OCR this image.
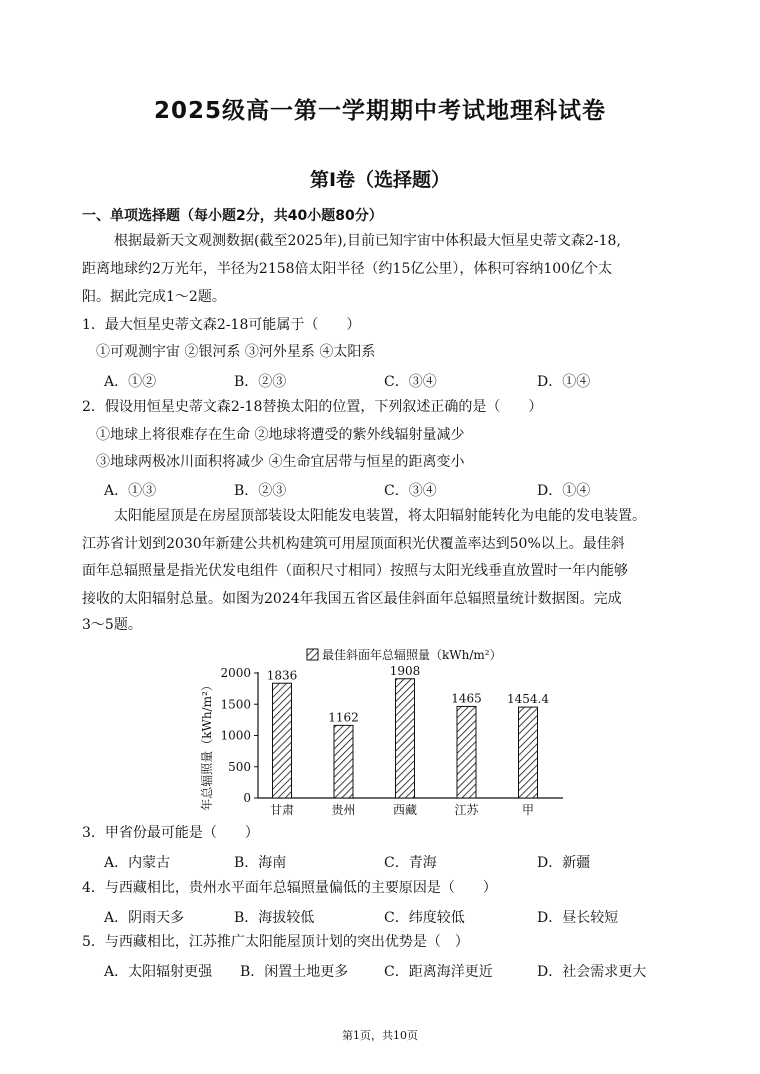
2025级高一第一学期期中考试地理科试卷
第Ⅰ卷（选择题）
一、单项选择题（每小题2分，共40小题80分）
根据最新天文观测数据(截至2025年),目前已知宇宙中体积最大恒星史蒂文森2-18,
距离地球约2万光年，半径为2158倍太阳半径（约15亿公里），体积可容纳100亿个太
阳。据此完成1～2题。
1．最大恒星史蒂文森2-18可能属于（　　）
①可观测宇宙 ②银河系 ③河外星系 ④太阳系
A．①②	B．②③	C．③④	D．①④
2．假设用恒星史蒂文森2-18替换太阳的位置，下列叙述正确的是（　　）
①地球上将很难存在生命 ②地球将遭受的紫外线辐射量减少
③地球两极冰川面积将减少 ④生命宜居带与恒星的距离变小
A．①③	B．②③	C．③④	D．①④
太阳能屋顶是在房屋顶部装设太阳能发电装置，将太阳辐射能转化为电能的发电装置。
江苏省计划到2030年新建公共机构建筑可用屋顶面积光伏覆盖率达到50%以上。最佳斜
面年总辐照量是指光伏发电组件（面积尺寸相同）按照与太阳光线垂直放置时一年内能够
接收的太阳辐射总量。如图为2024年我国五省区最佳斜面年总辐照量统计数据图。完成
3～5题。
最佳斜面年总辐照量（kWh/m²）
年总辐照量（kWh/m²） 0
500
1000
1500
2000 1836
1162
1908
1465 1454.4
甘肃	贵州	西藏	江苏	甲
3．甲省份最可能是（　　）
A．内蒙古	B．海南	C．青海	D．新疆
4．与西藏相比，贵州水平面年总辐照量偏低的主要原因是（　　）
A．阴雨天多	B．海拔较低	C．纬度较低	D．昼长较短
5．与西藏相比，江苏推广太阳能屋顶计划的突出优势是（　）
A．太阳辐射更强 B．闲置土地更多	C．距离海洋更近	D．社会需求更大
第1页，共10页
